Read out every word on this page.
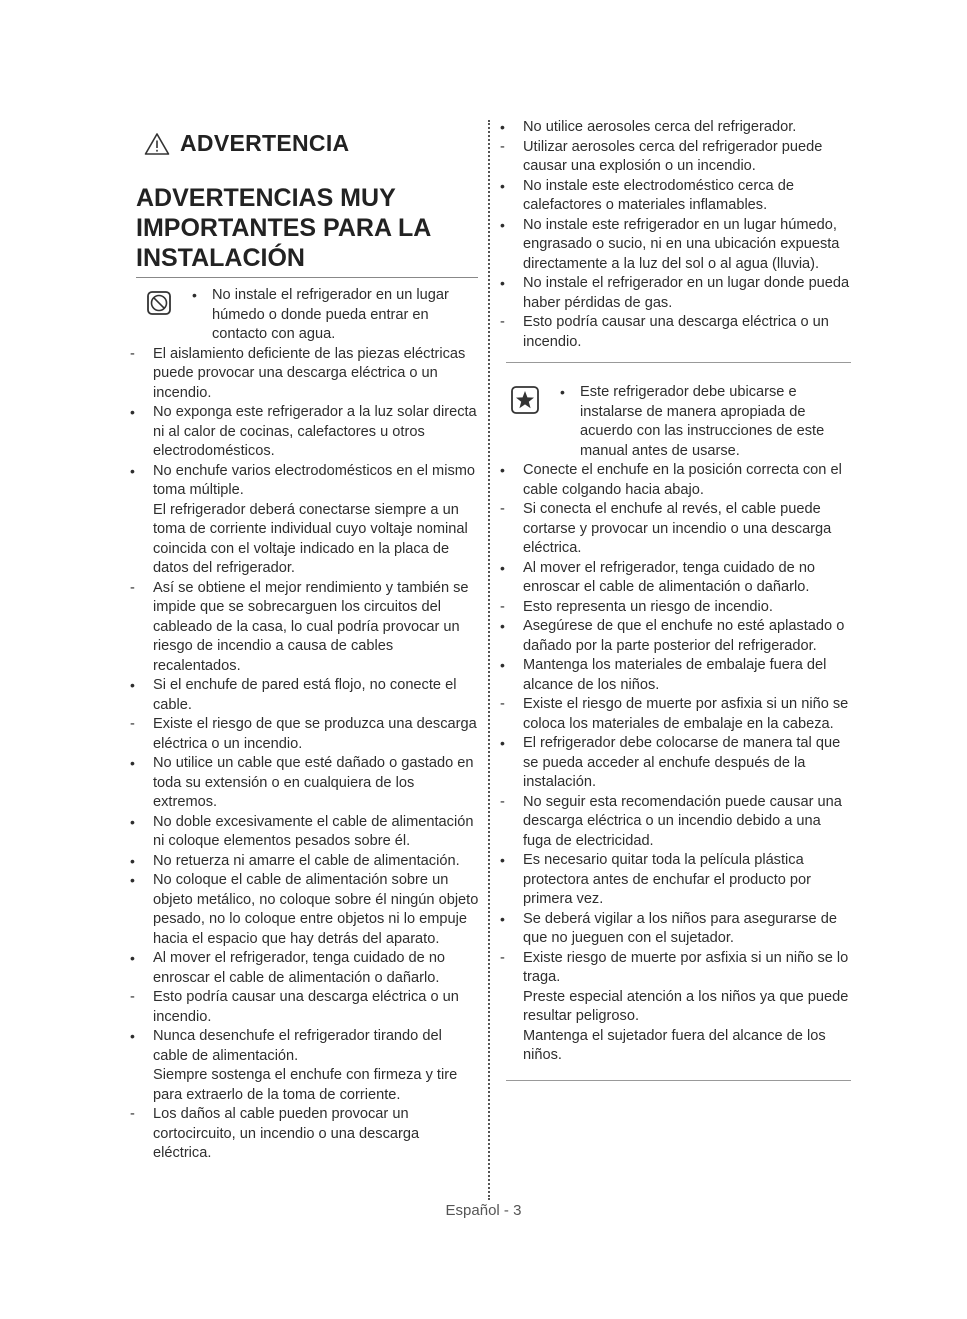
ADVERTENCIA
ADVERTENCIAS MUY
IMPORTANTES PARA LA
INSTALACIÓN
•
No instale el refrigerador en un lugar húmedo o donde pueda entrar en contacto con agua.
-
El aislamiento deficiente de las piezas eléctricas puede provocar una descarga eléctrica o un incendio.
•
No exponga este refrigerador a la luz solar directa ni al calor de cocinas, calefactores u otros electrodomésticos.
•
No enchufe varios electrodomésticos en el mismo toma múltiple.
El refrigerador deberá conectarse siempre a un toma de corriente individual cuyo voltaje nominal coincida con el voltaje indicado en la placa de datos del refrigerador.
-
Así se obtiene el mejor rendimiento y también se impide que se sobrecarguen los circuitos del cableado de la casa, lo cual podría provocar un riesgo de incendio a causa de cables recalentados.
•
Si el enchufe de pared está flojo, no conecte el cable.
-
Existe el riesgo de que se produzca una descarga eléctrica o un incendio.
•
No utilice un cable que esté dañado o gastado en toda su extensión o en cualquiera de los extremos.
•
No doble excesivamente el cable de alimentación ni coloque elementos pesados sobre él.
•
No retuerza ni amarre el cable de alimentación.
•
No coloque el cable de alimentación sobre un objeto metálico, no coloque sobre él ningún objeto pesado, no lo coloque entre objetos ni lo empuje hacia el espacio que hay detrás del aparato.
•
Al mover el refrigerador, tenga cuidado de no enroscar el cable de alimentación o dañarlo.
-
Esto podría causar una descarga eléctrica o un incendio.
•
Nunca desenchufe el refrigerador tirando del cable de alimentación.
Siempre sostenga el enchufe con firmeza y tire para extraerlo de la toma de corriente.
-
Los daños al cable pueden provocar un cortocircuito, un incendio o una descarga eléctrica.
•
No utilice aerosoles cerca del refrigerador.
-
Utilizar aerosoles cerca del refrigerador puede causar una explosión o un incendio.
•
No instale este electrodoméstico cerca de calefactores o materiales inflamables.
•
No instale este refrigerador en un lugar húmedo, engrasado o sucio, ni en una ubicación expuesta directamente a la luz del sol o al agua (lluvia).
•
No instale el refrigerador en un lugar donde pueda haber pérdidas de gas.
-
Esto podría causar una descarga eléctrica o un incendio.
•
Este refrigerador debe ubicarse e instalarse de manera apropiada de acuerdo con las instrucciones de este manual antes de usarse.
•
Conecte el enchufe en la posición correcta con el cable colgando hacia abajo.
-
Si conecta el enchufe al revés, el cable puede cortarse y provocar un incendio o una descarga eléctrica.
•
Al mover el refrigerador, tenga cuidado de no enroscar el cable de alimentación o dañarlo.
-
Esto representa un riesgo de incendio.
•
Asegúrese de que el enchufe no esté aplastado o dañado por la parte posterior del refrigerador.
•
Mantenga los materiales de embalaje fuera del alcance de los niños.
-
Existe el riesgo de muerte por asfixia si un niño se coloca los materiales de embalaje en la cabeza.
•
El refrigerador debe colocarse de manera tal que se pueda acceder al enchufe después de la instalación.
-
No seguir esta recomendación puede causar una descarga eléctrica o un incendio debido a una fuga de electricidad.
•
Es necesario quitar toda la película plástica protectora antes de enchufar el producto por primera vez.
•
Se deberá vigilar a los niños para asegurarse de que no jueguen con el sujetador.
-
Existe riesgo de muerte por asfixia si un niño se lo traga.
Preste especial atención a los niños ya que puede resultar peligroso.
Mantenga el sujetador fuera del alcance de los niños.
Español - 3
